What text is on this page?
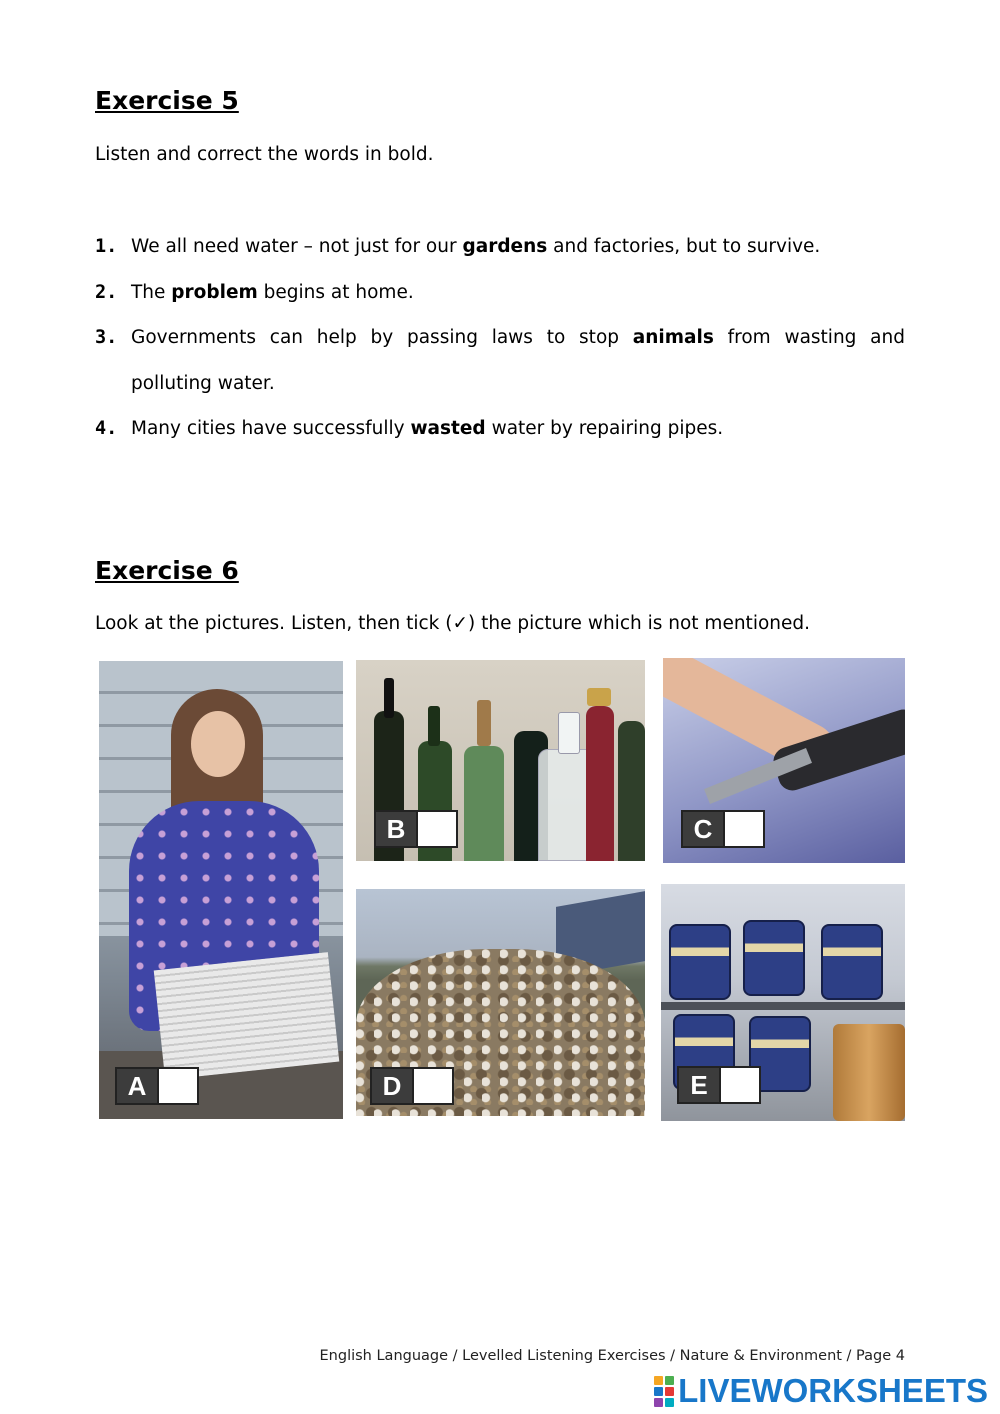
Exercise 5

Listen and correct the words in bold.

1. We all need water – not just for our gardens and factories, but to survive.
2. The problem begins at home.
3. Governments can help by passing laws to stop animals from wasting and polluting water.
4. Many cities have successfully wasted water by repairing pipes.
Exercise 6

Look at the pictures. Listen, then tick (✓) the picture which is not mentioned.

A
B	C
D	E

English Language / Levelled Listening Exercises / Nature & Environment / Page 4

LIVEWORKSHEETS
